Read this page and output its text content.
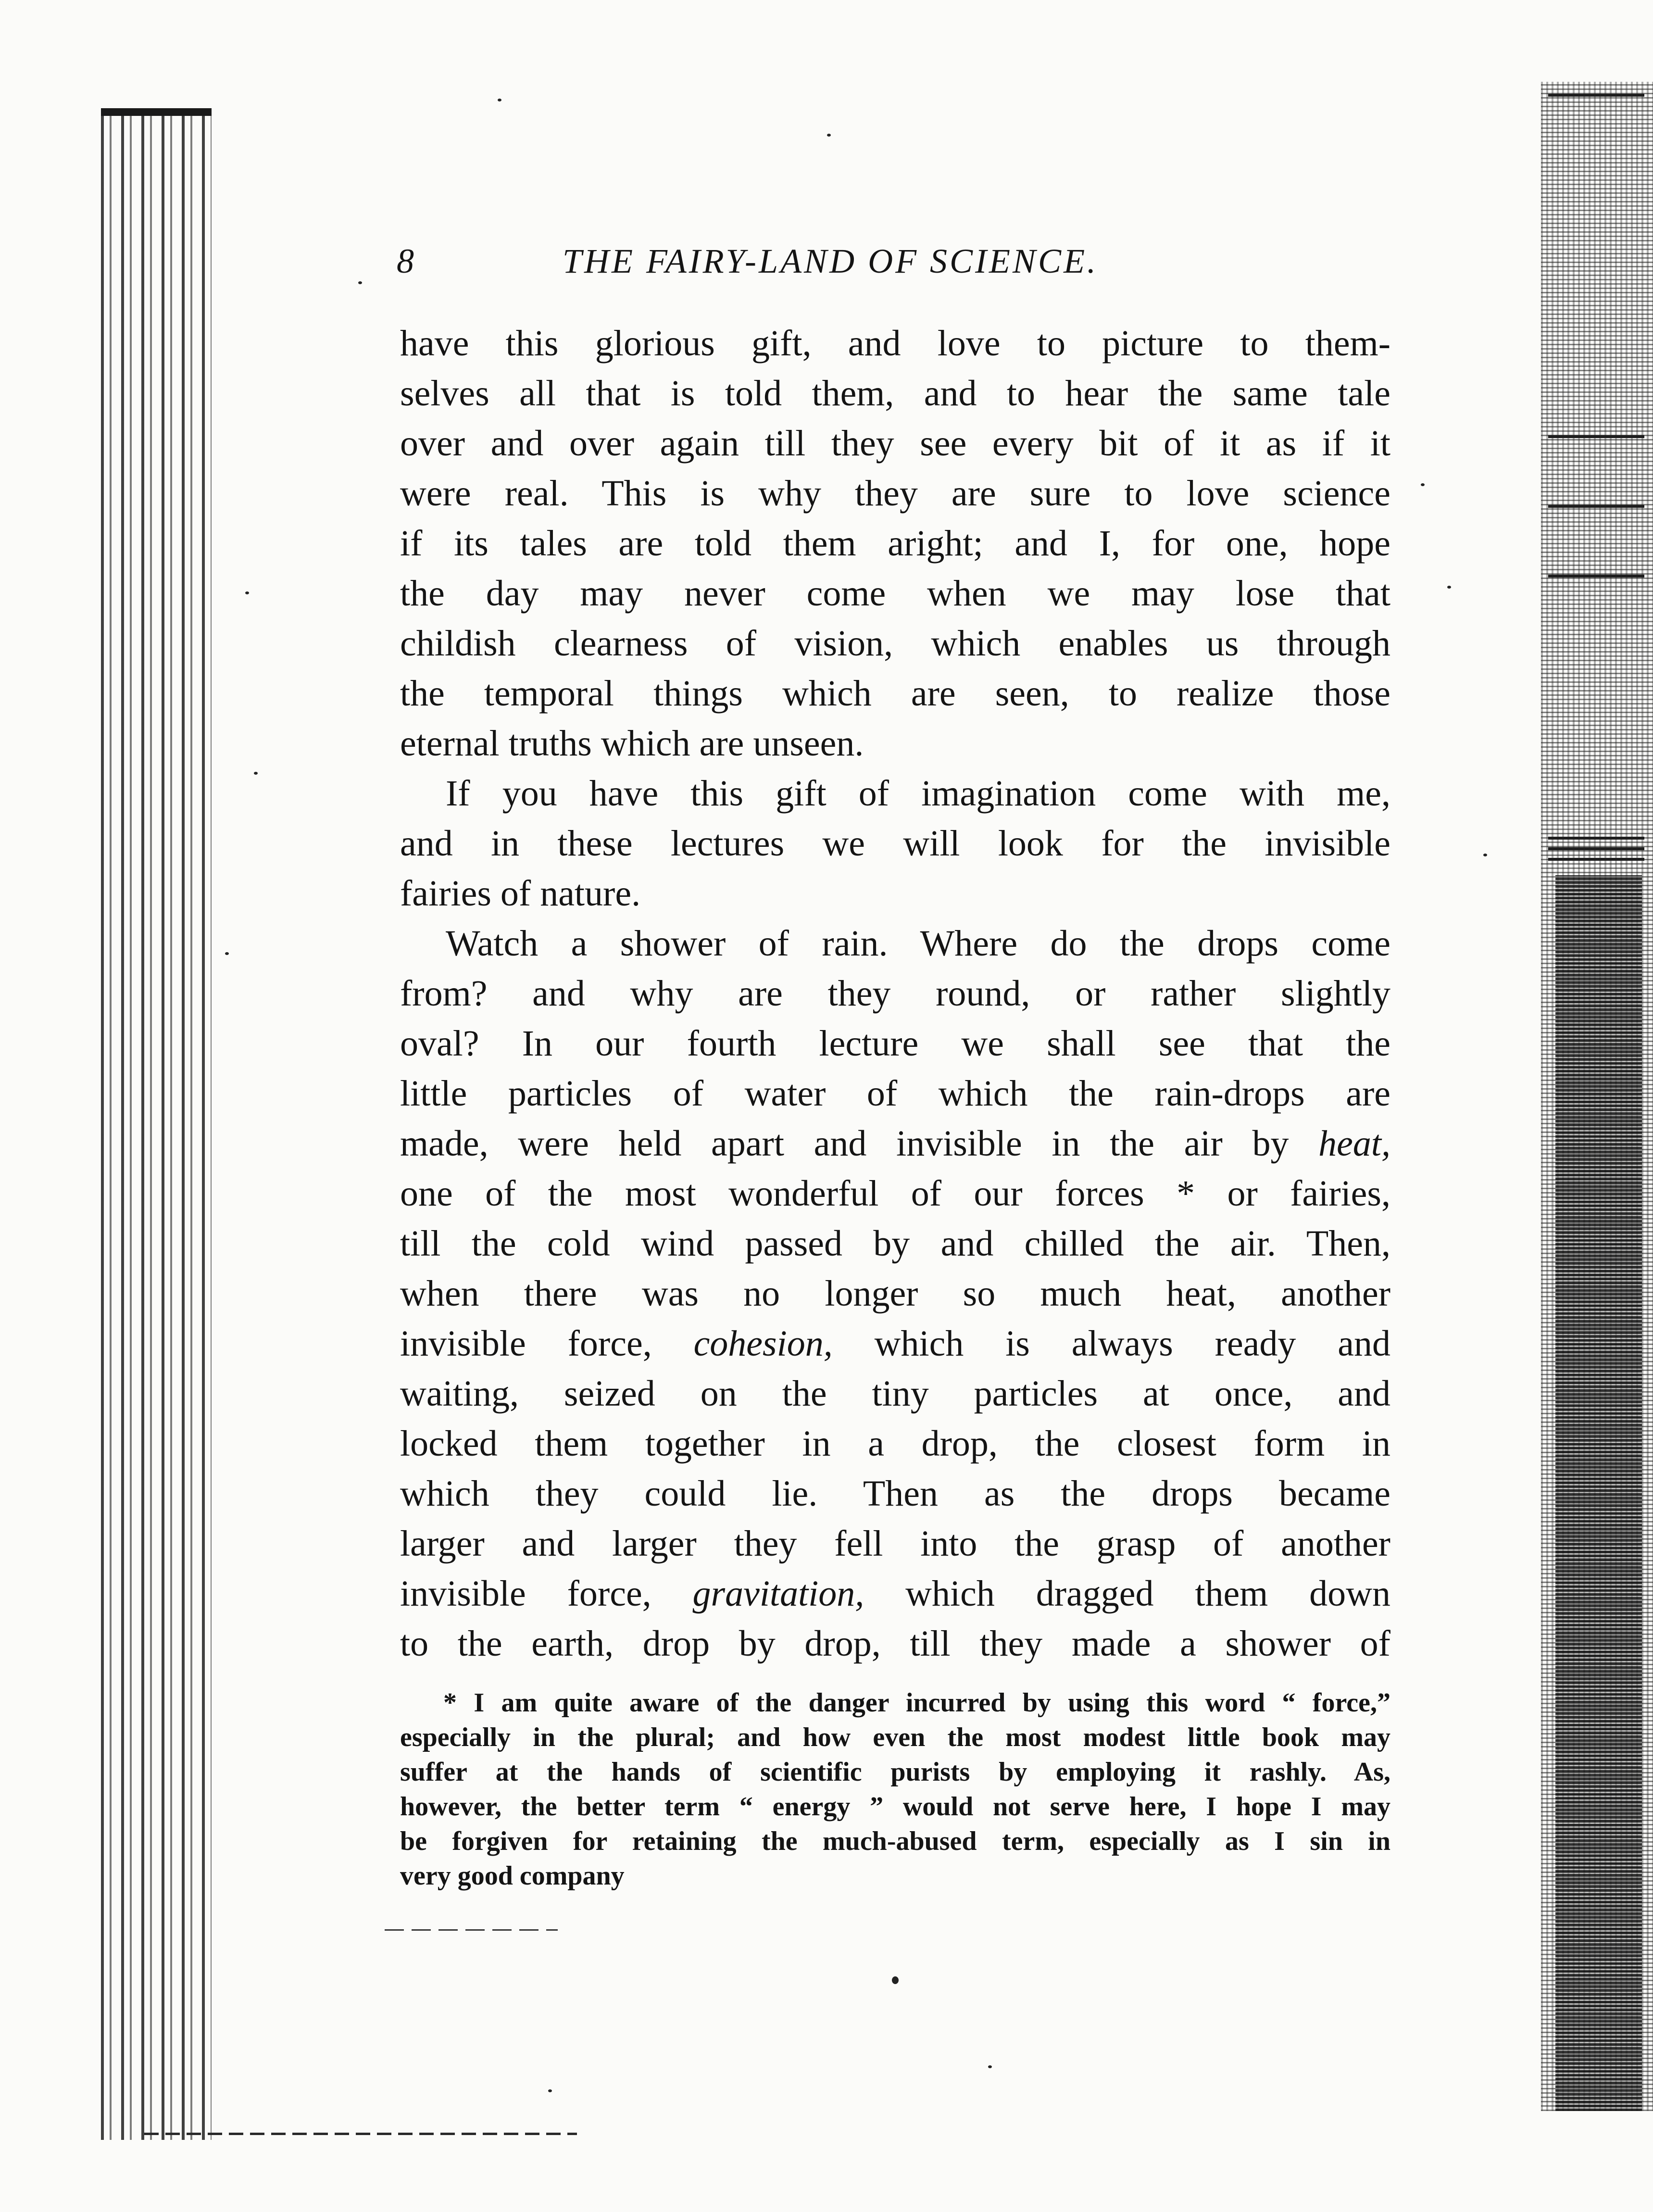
8	THE FAIRY-LAND OF SCIENCE.
have this glorious gift, and love to picture to them-
selves all that is told them, and to hear the same tale
over and over again till they see every bit of it as if it
were real. This is why they are sure to love science
if its tales are told them aright; and I, for one, hope
the day may never come when we may lose that
childish clearness of vision, which enables us through
the temporal things which are seen, to realize those
eternal truths which are unseen.
If you have this gift of imagination come with me,
and in these lectures we will look for the invisible
fairies of nature.
Watch a shower of rain. Where do the drops come
from? and why are they round, or rather slightly
oval? In our fourth lecture we shall see that the
little particles of water of which the rain-drops are
made, were held apart and invisible in the air by heat,
one of the most wonderful of our forces * or fairies,
till the cold wind passed by and chilled the air. Then,
when there was no longer so much heat, another
invisible force, cohesion, which is always ready and
waiting, seized on the tiny particles at once, and
locked them together in a drop, the closest form in
which they could lie. Then as the drops became
larger and larger they fell into the grasp of another
invisible force, gravitation, which dragged them down
to the earth, drop by drop, till they made a shower of
* I am quite aware of the danger incurred by using this word “ force,”
especially in the plural; and how even the most modest little book may
suffer at the hands of scientific purists by employing it rashly. As,
however, the better term “ energy ” would not serve here, I hope I may
be forgiven for retaining the much-abused term, especially as I sin in
very good company
